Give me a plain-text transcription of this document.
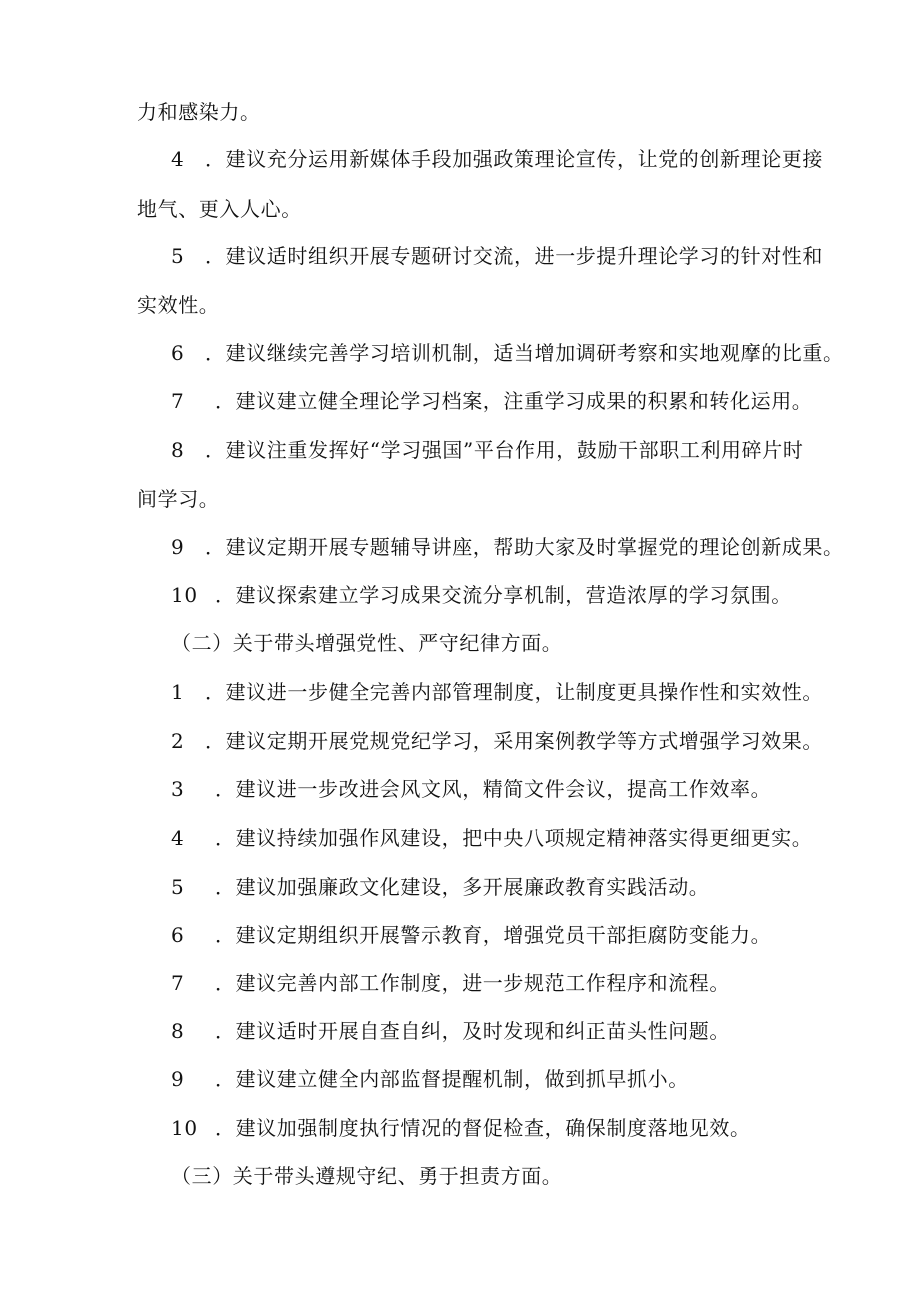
力和感染力。
4 ．建议充分运用新媒体手段加强政策理论宣传，让党的创新理论更接
地气、更入人心。
5 ．建议适时组织开展专题研讨交流，进一步提升理论学习的针对性和
实效性。
6 ．建议继续完善学习培训机制，适当增加调研考察和实地观摩的比重。
7 ．建议建立健全理论学习档案，注重学习成果的积累和转化运用。
8 ．建议注重发挥好“学习强国”平台作用，鼓励干部职工利用碎片时
间学习。
9 ．建议定期开展专题辅导讲座，帮助大家及时掌握党的理论创新成果。
10 ．建议探索建立学习成果交流分享机制，营造浓厚的学习氛围。
（二）关于带头增强党性、严守纪律方面。
1 ．建议进一步健全完善内部管理制度，让制度更具操作性和实效性。
2 ．建议定期开展党规党纪学习，采用案例教学等方式增强学习效果。
3 ．建议进一步改进会风文风，精简文件会议，提高工作效率。
4 ．建议持续加强作风建设，把中央八项规定精神落实得更细更实。
5 ．建议加强廉政文化建设，多开展廉政教育实践活动。
6 ．建议定期组织开展警示教育，增强党员干部拒腐防变能力。
7 ．建议完善内部工作制度，进一步规范工作程序和流程。
8 ．建议适时开展自查自纠，及时发现和纠正苗头性问题。
9 ．建议建立健全内部监督提醒机制，做到抓早抓小。
10 ．建议加强制度执行情况的督促检查，确保制度落地见效。
（三）关于带头遵规守纪、勇于担责方面。
